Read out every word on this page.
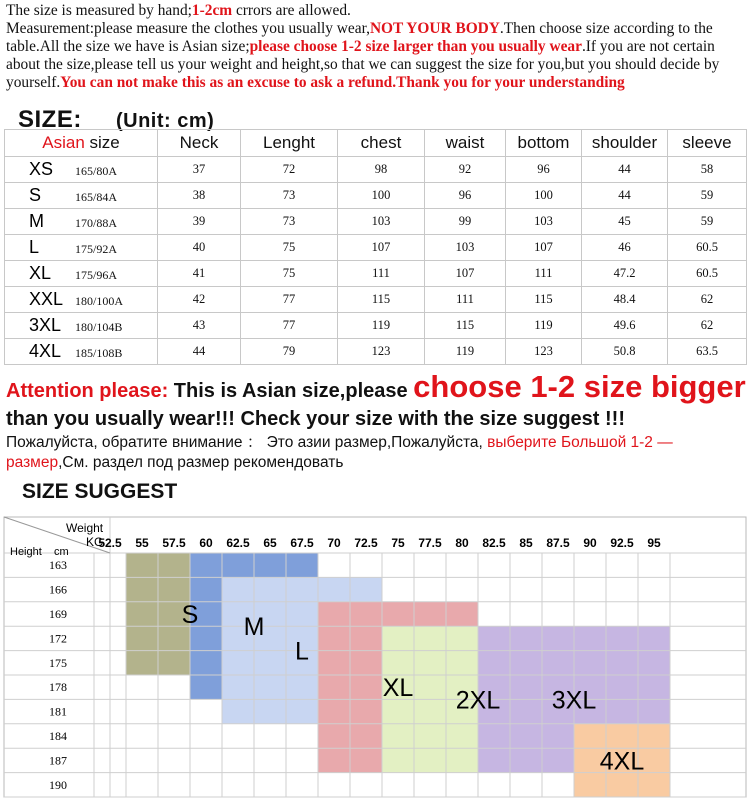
The size is measured by hand;1-2cm crrors are allowed.
Measurement:please measure the clothes you usually wear,NOT YOUR BODY.Then choose size according to the table.All the size we have is Asian size;please choose 1-2 size larger than you usually wear.If you are not certain about the size,please tell us your weight and height,so that we can suggest the size for you,but you should decide by yourself.You can not make this as an excuse to ask a refund.Thank you for your understanding
SIZE: (Unit: cm)
Asian size	Neck	Lenght	chest	waist	bottom	shoulder	sleeve
XS 165/80A	37	72	98	92	96	44	58
S 165/84A	38	73	100	96	100	44	59
M 170/88A	39	73	103	99	103	45	59
L 175/92A	40	75	107	103	107	46	60.5
XL 175/96A	41	75	111	107	111	47.2	60.5
XXL 180/100A	42	77	115	111	115	48.4	62
3XL 180/104B	43	77	119	115	119	49.6	62
4XL 185/108B	44	79	123	119	123	50.8	63.5
Attention please: This is Asian size,please choose 1-2 size bigger
than you usually wear!!! Check your size with the size suggest !!!
Пожалуйста, обратите внимание ： Это азии размер,Пожалуйста, выберите Большой 1-2 — размер,См. раздел под размер рекомендовать
SIZE SUGGEST
S M
L
XL 2XL 3XL
4XL
52.5 55 57.5 60 62.5 65 67.5 70 72.5 75 77.5 80 82.5 85 87.5 90 92.5 95
163
166
169
172
175
178
181
184
187
190
Weight
KG
Height cm
